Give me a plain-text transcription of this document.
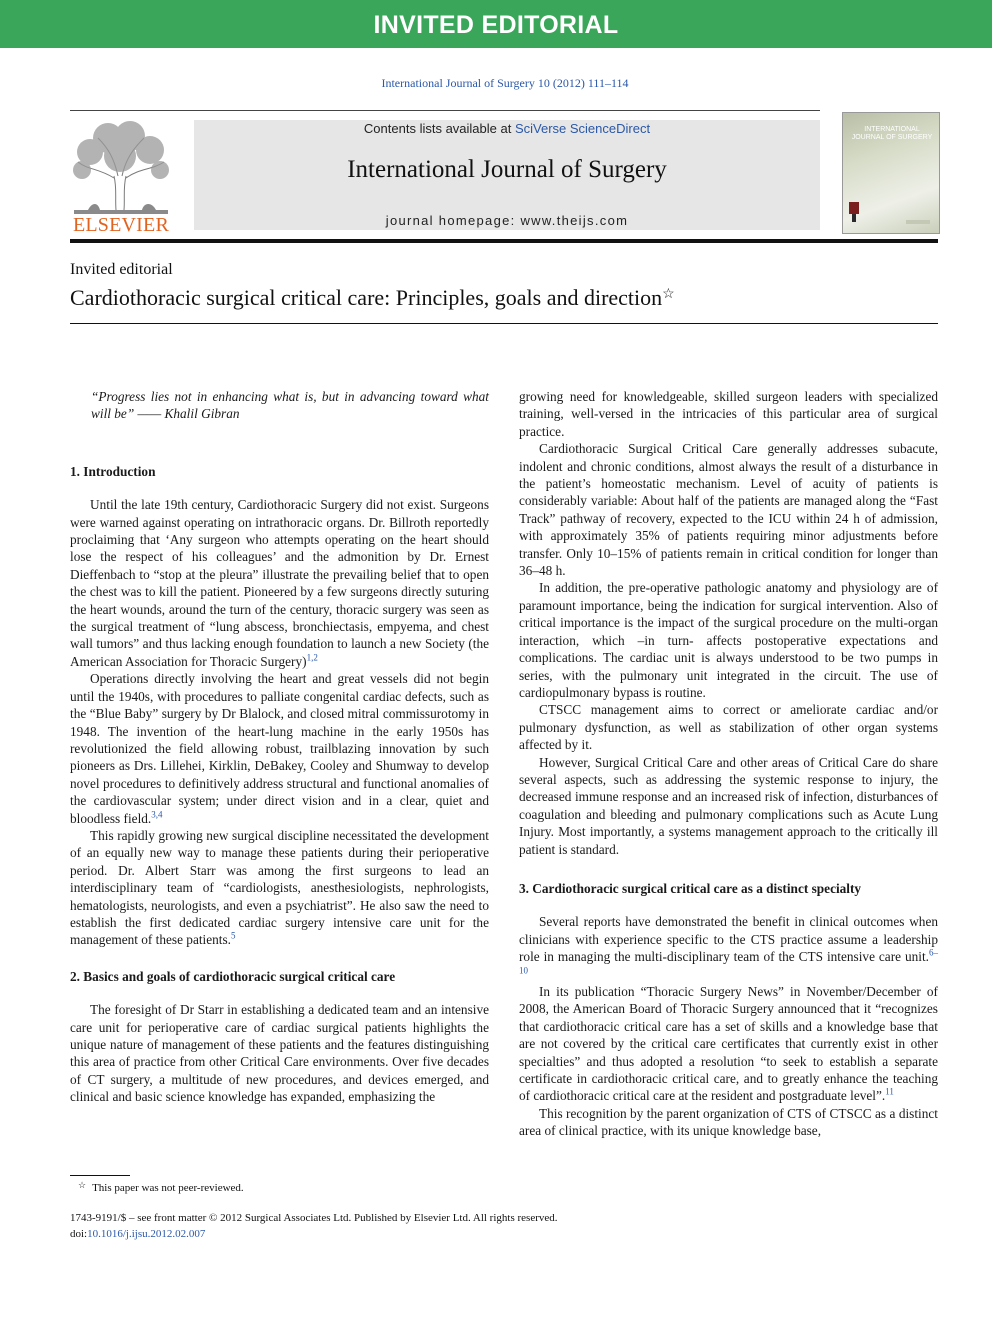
INVITED EDITORIAL
International Journal of Surgery 10 (2012) 111–114
ELSEVIER
Contents lists available at SciVerse ScienceDirect
International Journal of Surgery
journal homepage: www.theijs.com
INTERNATIONAL JOURNAL OF SURGERY
Invited editorial
Cardiothoracic surgical critical care: Principles, goals and direction☆

“Progress lies not in enhancing what is, but in advancing toward what will be” —— Khalil Gibran

1. Introduction

Until the late 19th century, Cardiothoracic Surgery did not exist. Surgeons were warned against operating on intrathoracic organs. Dr. Billroth reportedly proclaiming that ‘Any surgeon who attempts operating on the heart should lose the respect of his colleagues’ and the admonition by Dr. Ernest Dieffenbach to “stop at the pleura” illustrate the prevailing belief that to open the chest was to kill the patient. Pioneered by a few surgeons directly suturing the heart wounds, around the turn of the century, thoracic surgery was seen as the surgical treatment of “lung abscess, bronchiectasis, empyema, and chest wall tumors” and thus lacking enough foundation to launch a new Society (the American Association for Thoracic Surgery)$^{1,2}$

Operations directly involving the heart and great vessels did not begin until the 1940s, with procedures to palliate congenital cardiac defects, such as the “Blue Baby” surgery by Dr Blalock, and closed mitral commissurotomy in 1948. The invention of the heart-lung machine in the early 1950s has revolutionized the field allowing robust, trailblazing innovation by such pioneers as Drs. Lillehei, Kirklin, DeBakey, Cooley and Shumway to develop novel procedures to definitively address structural and functional anomalies of the cardiovascular system; under direct vision and in a clear, quiet and bloodless field.$^{3,4}$

This rapidly growing new surgical discipline necessitated the development of an equally new way to manage these patients during their perioperative period. Dr. Albert Starr was among the first surgeons to lead an interdisciplinary team of “cardiologists, anesthesiologists, nephrologists, hematologists, neurologists, and even a psychiatrist”. He also saw the need to establish the first dedicated cardiac surgery intensive care unit for the management of these patients.$^5$

2. Basics and goals of cardiothoracic surgical critical care

The foresight of Dr Starr in establishing a dedicated team and an intensive care unit for perioperative care of cardiac surgical patients highlights the unique nature of management of these patients and the features distinguishing this area of practice from other Critical Care environments. Over five decades of CT surgery, a multitude of new procedures, and devices emerged, and clinical and basic science knowledge has expanded, emphasizing the

growing need for knowledgeable, skilled surgeon leaders with specialized training, well-versed in the intricacies of this particular area of surgical practice.

Cardiothoracic Surgical Critical Care generally addresses subacute, indolent and chronic conditions, almost always the result of a disturbance in the patient’s homeostatic mechanism. Level of acuity of patients is considerably variable: About half of the patients are managed along the “Fast Track” pathway of recovery, expected to the ICU within 24 h of admission, with approximately 35% of patients requiring minor adjustments before transfer. Only 10–15% of patients remain in critical condition for longer than 36–48 h.

In addition, the pre-operative pathologic anatomy and physiology are of paramount importance, being the indication for surgical intervention. Also of critical importance is the impact of the surgical procedure on the multi-organ interaction, which –in turn- affects postoperative expectations and complications. The cardiac unit is always understood to be two pumps in series, with the pulmonary unit integrated in the circuit. The use of cardiopulmonary bypass is routine.

CTSCC management aims to correct or ameliorate cardiac and/or pulmonary dysfunction, as well as stabilization of other organ systems affected by it.

However, Surgical Critical Care and other areas of Critical Care do share several aspects, such as addressing the systemic response to injury, the decreased immune response and an increased risk of infection, disturbances of coagulation and bleeding and pulmonary complications such as Acute Lung Injury. Most importantly, a systems management approach to the critically ill patient is standard.

3. Cardiothoracic surgical critical care as a distinct specialty

Several reports have demonstrated the benefit in clinical outcomes when clinicians with experience specific to the CTS practice assume a leadership role in managing the multi-disciplinary team of the CTS intensive care unit.$^{6-10}$

In its publication “Thoracic Surgery News” in November/December of 2008, the American Board of Thoracic Surgery announced that it “recognizes that cardiothoracic critical care has a set of skills and a knowledge base that are not covered by the critical care certificates that currently exist in other specialties” and thus adopted a resolution “to seek to establish a separate certificate in cardiothoracic critical care, and to greatly enhance the teaching of cardiothoracic critical care at the resident and postgraduate level”.$^{11}$

This recognition by the parent organization of CTS of CTSCC as a distinct area of clinical practice, with its unique knowledge base,

☆ This paper was not peer-reviewed.
1743-9191/$ – see front matter © 2012 Surgical Associates Ltd. Published by Elsevier Ltd. All rights reserved.
doi:10.1016/j.ijsu.2012.02.007
